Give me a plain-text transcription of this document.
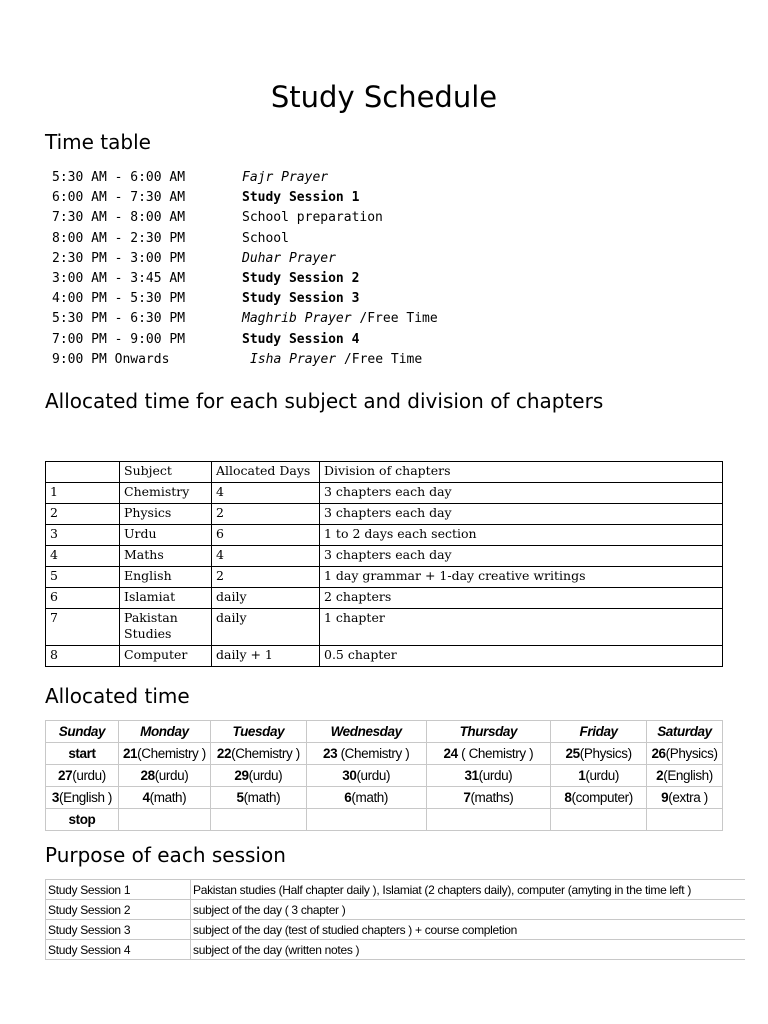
Study Schedule
Time table
5:30 AM - 6:00 AM	Fajr Prayer
6:00 AM - 7:30 AM	Study Session 1
7:30 AM - 8:00 AM	School preparation
8:00 AM - 2:30 PM	School
2:30 PM - 3:00 PM	Duhar Prayer
3:00 AM - 3:45 AM	Study Session 2
4:00 PM - 5:30 PM	Study Session 3
5:30 PM - 6:30 PM	Maghrib Prayer /Free Time
7:00 PM - 9:00 PM	Study Session 4
9:00 PM Onwards	Isha Prayer /Free Time
Allocated time for each subject and division of chapters
	Subject	Allocated Days	Division of chapters
1	Chemistry	4	3 chapters each day
2	Physics	2	3 chapters each day
3	Urdu	6	1 to 2 days each section
4	Maths	4	3 chapters each day
5	English	2	1 day grammar + 1-day creative writings
6	Islamiat	daily	2 chapters
7	Pakistan Studies	daily	1 chapter
8	Computer	daily + 1	0.5 chapter
Allocated time
Sunday	Monday	Tuesday	Wednesday	Thursday	Friday	Saturday
start	21(Chemistry )	22(Chemistry )	23 (Chemistry )	24 ( Chemistry )	25(Physics)	26(Physics)
27(urdu)	28(urdu)	29(urdu)	30(urdu)	31(urdu)	1(urdu)	2(English)
3(English )	4(math)	5(math)	6(math)	7(maths)	8(computer)	9(extra )
stop						
Purpose of each session
Study Session 1	Pakistan studies (Half chapter daily ), Islamiat (2 chapters daily), computer (amyting in the time left )
Study Session 2	subject of the day ( 3 chapter )
Study Session 3	subject of the day (test of studied chapters ) + course completion
Study Session 4	subject of the day (written notes )
